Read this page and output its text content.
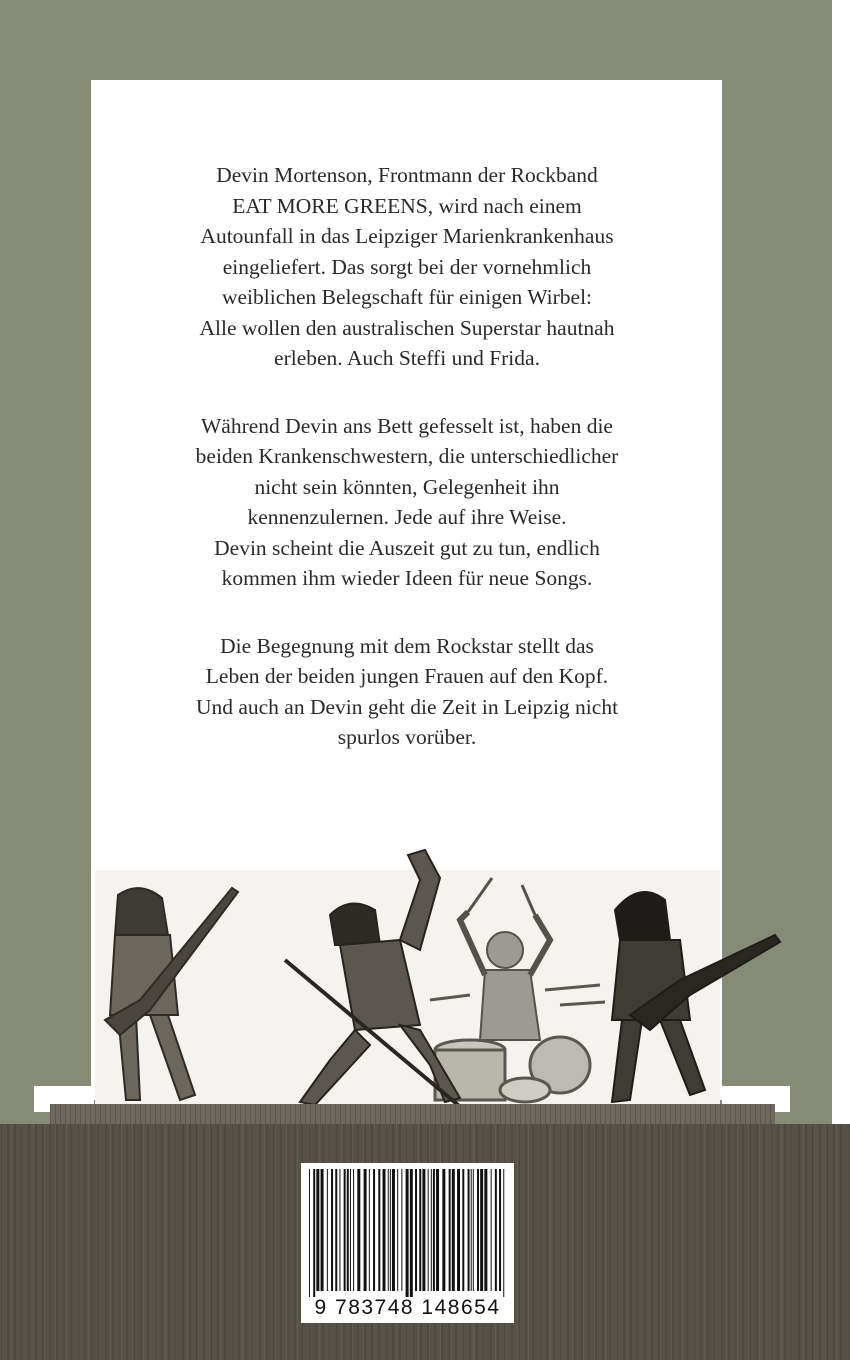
Devin Mortenson, Frontmann der Rockband
EAT MORE GREENS, wird nach einem
Autounfall in das Leipziger Marienkrankenhaus
eingeliefert. Das sorgt bei der vornehmlich
weiblichen Belegschaft für einigen Wirbel:
Alle wollen den australischen Superstar hautnah
erleben. Auch Steffi und Frida.

Während Devin ans Bett gefesselt ist, haben die
beiden Krankenschwestern, die unterschiedlicher
nicht sein könnten, Gelegenheit ihn
kennenzulernen. Jede auf ihre Weise.
Devin scheint die Auszeit gut zu tun, endlich
kommen ihm wieder Ideen für neue Songs.

Die Begegnung mit dem Rockstar stellt das
Leben der beiden jungen Frauen auf den Kopf.
Und auch an Devin geht die Zeit in Leipzig nicht
spurlos vorüber.

9 783748 148654
